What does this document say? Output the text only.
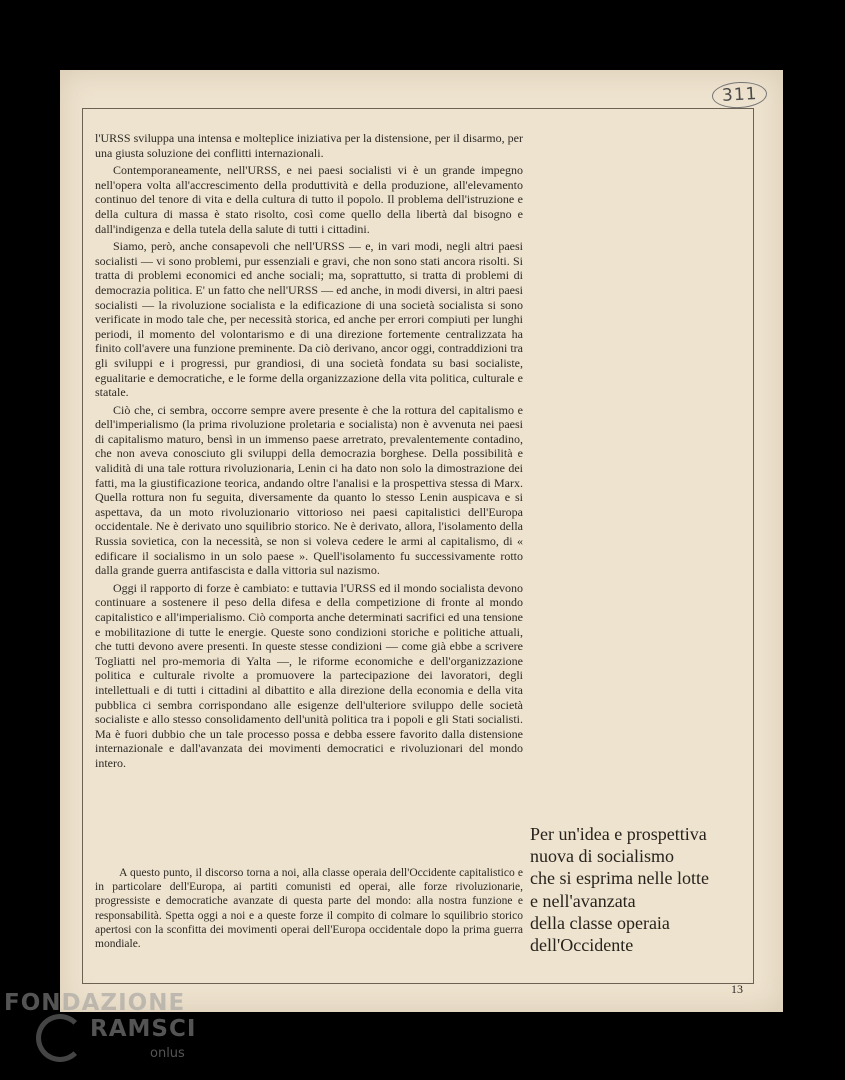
311

l'URSS sviluppa una intensa e molteplice iniziativa per la distensione, per il disarmo, per una giusta soluzione dei conflitti internazionali.

Contemporaneamente, nell'URSS, e nei paesi socialisti vi è un grande impegno nell'opera volta all'accrescimento della produttività e della produzione, all'elevamento continuo del tenore di vita e della cultura di tutto il popolo. Il problema dell'istruzione e della cultura di massa è stato risolto, così come quello della libertà dal bisogno e dall'indigenza e della tutela della salute di tutti i cittadini.

Siamo, però, anche consapevoli che nell'URSS — e, in vari modi, negli altri paesi socialisti — vi sono problemi, pur essenziali e gravi, che non sono stati ancora risolti. Si tratta di problemi economici ed anche sociali; ma, soprattutto, si tratta di problemi di democrazia politica. E' un fatto che nell'URSS — ed anche, in modi diversi, in altri paesi socialisti — la rivoluzione socialista e la edificazione di una società socialista si sono verificate in modo tale che, per necessità storica, ed anche per errori compiuti per lunghi periodi, il momento del volontarismo e di una direzione fortemente centralizzata ha finito coll'avere una funzione preminente. Da ciò derivano, ancor oggi, contraddizioni tra gli sviluppi e i progressi, pur grandiosi, di una società fondata su basi socialiste, egualitarie e democratiche, e le forme della organizzazione della vita politica, culturale e statale.

Ciò che, ci sembra, occorre sempre avere presente è che la rottura del capitalismo e dell'imperialismo (la prima rivoluzione proletaria e socialista) non è avvenuta nei paesi di capitalismo maturo, bensì in un immenso paese arretrato, prevalentemente contadino, che non aveva conosciuto gli sviluppi della democrazia borghese. Della possibilità e validità di una tale rottura rivoluzionaria, Lenin ci ha dato non solo la dimostrazione dei fatti, ma la giustificazione teorica, andando oltre l'analisi e la prospettiva stessa di Marx. Quella rottura non fu seguita, diversamente da quanto lo stesso Lenin auspicava e si aspettava, da un moto rivoluzionario vittorioso nei paesi capitalistici dell'Europa occidentale. Ne è derivato uno squilibrio storico. Ne è derivato, allora, l'isolamento della Russia sovietica, con la necessità, se non si voleva cedere le armi al capitalismo, di « edificare il socialismo in un solo paese ». Quell'isolamento fu successivamente rotto dalla grande guerra antifascista e dalla vittoria sul nazismo.

Oggi il rapporto di forze è cambiato: e tuttavia l'URSS ed il mondo socialista devono continuare a sostenere il peso della difesa e della competizione di fronte al mondo capitalistico e all'imperialismo. Ciò comporta anche determinati sacrifici ed una tensione e mobilitazione di tutte le energie. Queste sono condizioni storiche e politiche attuali, che tutti devono avere presenti. In queste stesse condizioni — come già ebbe a scrivere Togliatti nel pro-memoria di Yalta —, le riforme economiche e dell'organizzazione politica e culturale rivolte a promuovere la partecipazione dei lavoratori, degli intellettuali e di tutti i cittadini al dibattito e alla direzione della economia e della vita pubblica ci sembra corrispondano alle esigenze dell'ulteriore sviluppo delle società socialiste e allo stesso consolidamento dell'unità politica tra i popoli e gli Stati socialisti. Ma è fuori dubbio che un tale processo possa e debba essere favorito dalla distensione internazionale e dall'avanzata dei movimenti democratici e rivoluzionari del mondo intero.

A questo punto, il discorso torna a noi, alla classe operaia dell'Occidente capitalistico e in particolare dell'Europa, ai partiti comunisti ed operai, alle forze rivoluzionarie, progressiste e democratiche avanzate di questa parte del mondo: alla nostra funzione e responsabilità. Spetta oggi a noi e a queste forze il compito di colmare lo squilibrio storico apertosi con la sconfitta dei movimenti operai dell'Europa occidentale dopo la prima guerra mondiale.
Per un'idea e prospettiva
nuova di socialismo
che si esprima nelle lotte
e nell'avanzata
della classe operaia
dell'Occidente
13
FONDAZIONE
RAMSCI
onlus
